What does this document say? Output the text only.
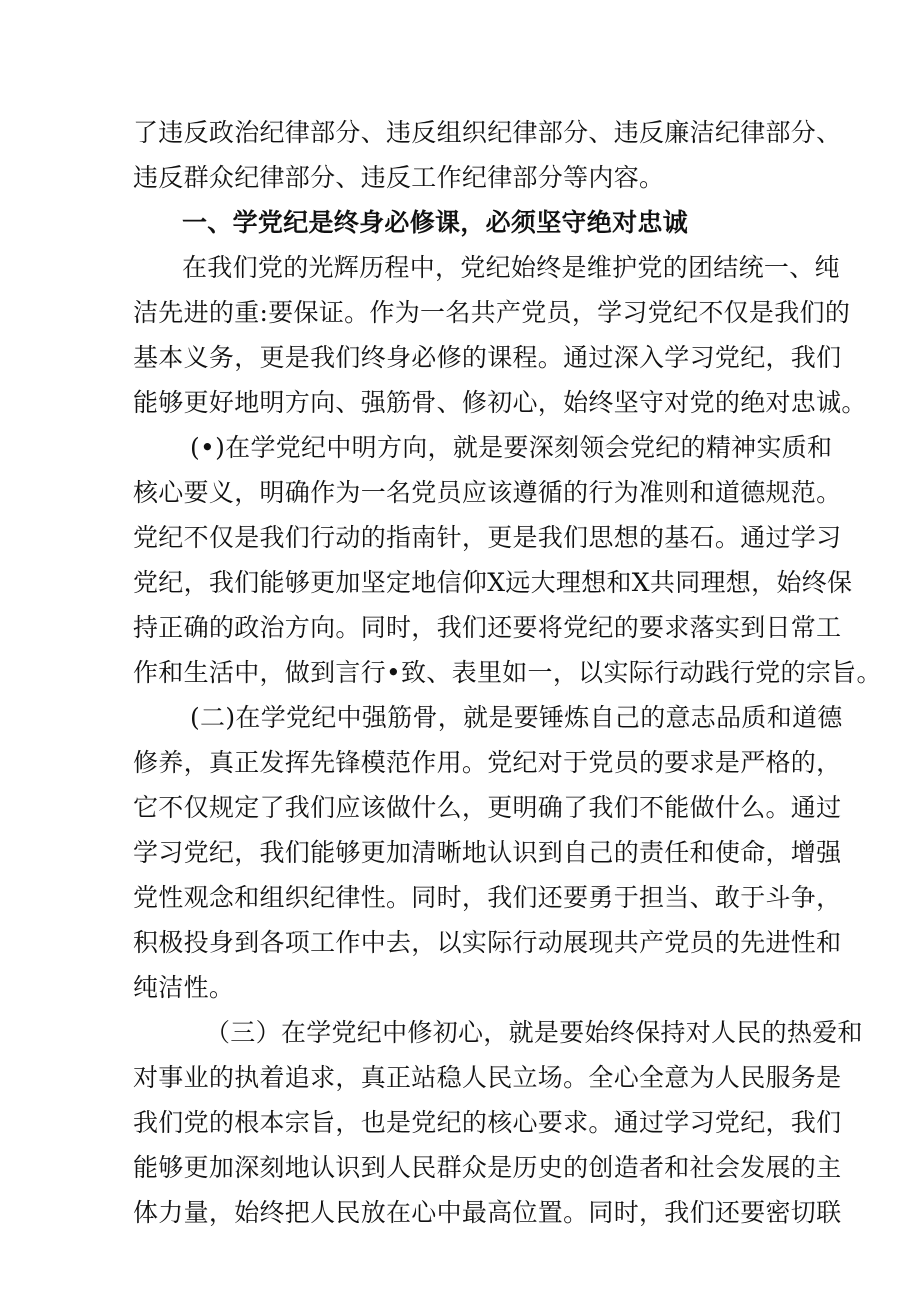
了违反政治纪律部分、违反组织纪律部分、违反廉洁纪律部分、
违反群众纪律部分、违反工作纪律部分等内容。
一、学党纪是终身必修课，必须坚守绝对忠诚
在我们党的光辉历程中，党纪始终是维护党的团结统一、纯
洁先进的重:要保证。作为一名共产党员，学习党纪不仅是我们的
基本义务，更是我们终身必修的课程。通过深入学习党纪，我们
能够更好地明方向、强筋骨、修初心，始终坚守对党的绝对忠诚。
(•)在学党纪中明方向，就是要深刻领会党纪的精神实质和
核心要义，明确作为一名党员应该遵循的行为准则和道德规范。
党纪不仅是我们行动的指南针，更是我们思想的基石。通过学习
党纪，我们能够更加坚定地信仰X远大理想和X共同理想，始终保
持正确的政治方向。同时，我们还要将党纪的要求落实到日常工
作和生活中，做到言行•致、表里如一，以实际行动践行党的宗旨。
(二)在学党纪中强筋骨，就是要锤炼自己的意志品质和道德
修养，真正发挥先锋模范作用。党纪对于党员的要求是严格的，
它不仅规定了我们应该做什么，更明确了我们不能做什么。通过
学习党纪，我们能够更加清晰地认识到自己的责任和使命，增强
党性观念和组织纪律性。同时，我们还要勇于担当、敢于斗争，
积极投身到各项工作中去，以实际行动展现共产党员的先进性和
纯洁性。
（三）在学党纪中修初心，就是要始终保持对人民的热爱和
对事业的执着追求，真正站稳人民立场。全心全意为人民服务是
我们党的根本宗旨，也是党纪的核心要求。通过学习党纪，我们
能够更加深刻地认识到人民群众是历史的创造者和社会发展的主
体力量，始终把人民放在心中最高位置。同时，我们还要密切联
